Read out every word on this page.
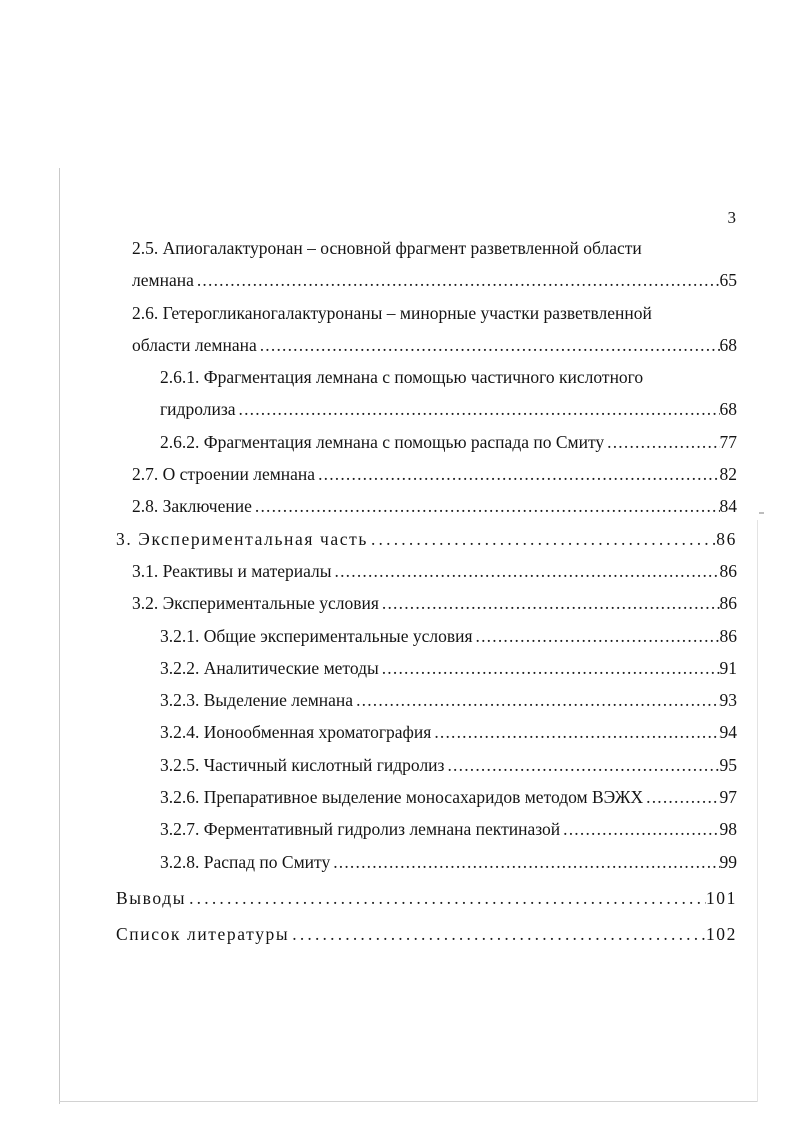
3
2.5. Апиогалактуронан – основной фрагмент разветвленной области
лемнана .....	65
2.6. Гетерогликаногалактуронаны – минорные участки разветвленной
области лемнана .....	68
2.6.1. Фрагментация лемнана с помощью частичного кислотного
гидролиза .....	68
2.6.2. Фрагментация лемнана с помощью распада по Смиту .....	77
2.7. О строении лемнана .....	82
2.8. Заключение .....	84
3. Экспериментальная часть .....	86
3.1. Реактивы и материалы .....	86
3.2. Экспериментальные условия .....	86
3.2.1. Общие экспериментальные условия .....	86
3.2.2. Аналитические методы .....	91
3.2.3. Выделение лемнана .....	93
3.2.4. Ионообменная хроматография .....	94
3.2.5. Частичный кислотный гидролиз .....	95
3.2.6. Препаративное выделение моносахаридов методом ВЭЖХ .....	97
3.2.7. Ферментативный гидролиз лемнана пектиназой .....	98
3.2.8. Распад по Смиту .....	99
Выводы .....	101
Список литературы .....	102
